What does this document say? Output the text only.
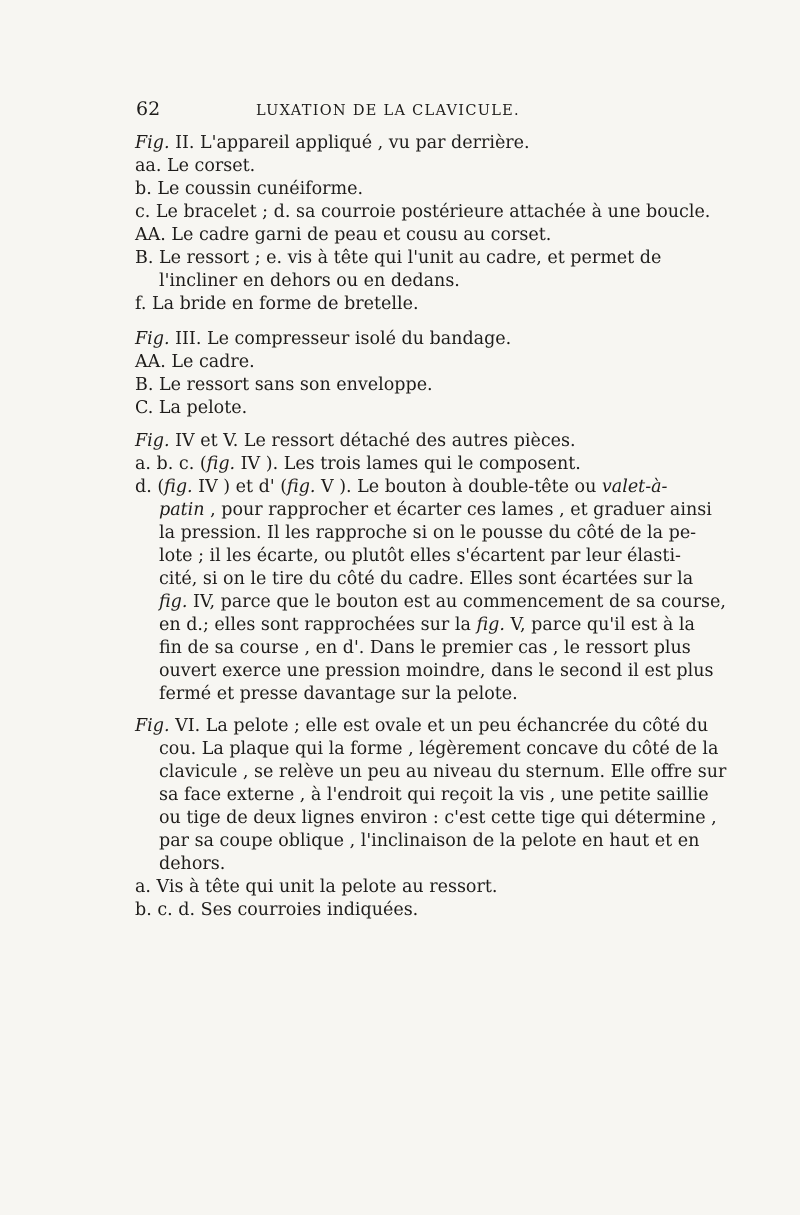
62	LUXATION DE LA CLAVICULE.
Fig. II. L'appareil appliqué , vu par derrière.
aa. Le corset.
b. Le coussin cunéiforme.
c. Le bracelet ; d. sa courroie postérieure attachée à une boucle.
AA. Le cadre garni de peau et cousu au corset.
B. Le ressort ; e. vis à tête qui l'unit au cadre, et permet de
l'incliner en dehors ou en dedans.
f. La bride en forme de bretelle.
Fig. III. Le compresseur isolé du bandage.
AA. Le cadre.
B. Le ressort sans son enveloppe.
C. La pelote.
Fig. IV et V. Le ressort détaché des autres pièces.
a. b. c. (fig. IV ). Les trois lames qui le composent.
d. (fig. IV ) et d' (fig. V ). Le bouton à double-tête ou valet-à-
patin , pour rapprocher et écarter ces lames , et graduer ainsi
la pression. Il les rapproche si on le pousse du côté de la pe-
lote ; il les écarte, ou plutôt elles s'écartent par leur élasti-
cité, si on le tire du côté du cadre. Elles sont écartées sur la
fig. IV, parce que le bouton est au commencement de sa course,
en d.; elles sont rapprochées sur la fig. V, parce qu'il est à la
fin de sa course , en d'. Dans le premier cas , le ressort plus
ouvert exerce une pression moindre, dans le second il est plus
fermé et presse davantage sur la pelote.
Fig. VI. La pelote ; elle est ovale et un peu échancrée du côté du
cou. La plaque qui la forme , légèrement concave du côté de la
clavicule , se relève un peu au niveau du sternum. Elle offre sur
sa face externe , à l'endroit qui reçoit la vis , une petite saillie
ou tige de deux lignes environ : c'est cette tige qui détermine ,
par sa coupe oblique , l'inclinaison de la pelote en haut et en
dehors.
a. Vis à tête qui unit la pelote au ressort.
b. c. d. Ses courroies indiquées.
